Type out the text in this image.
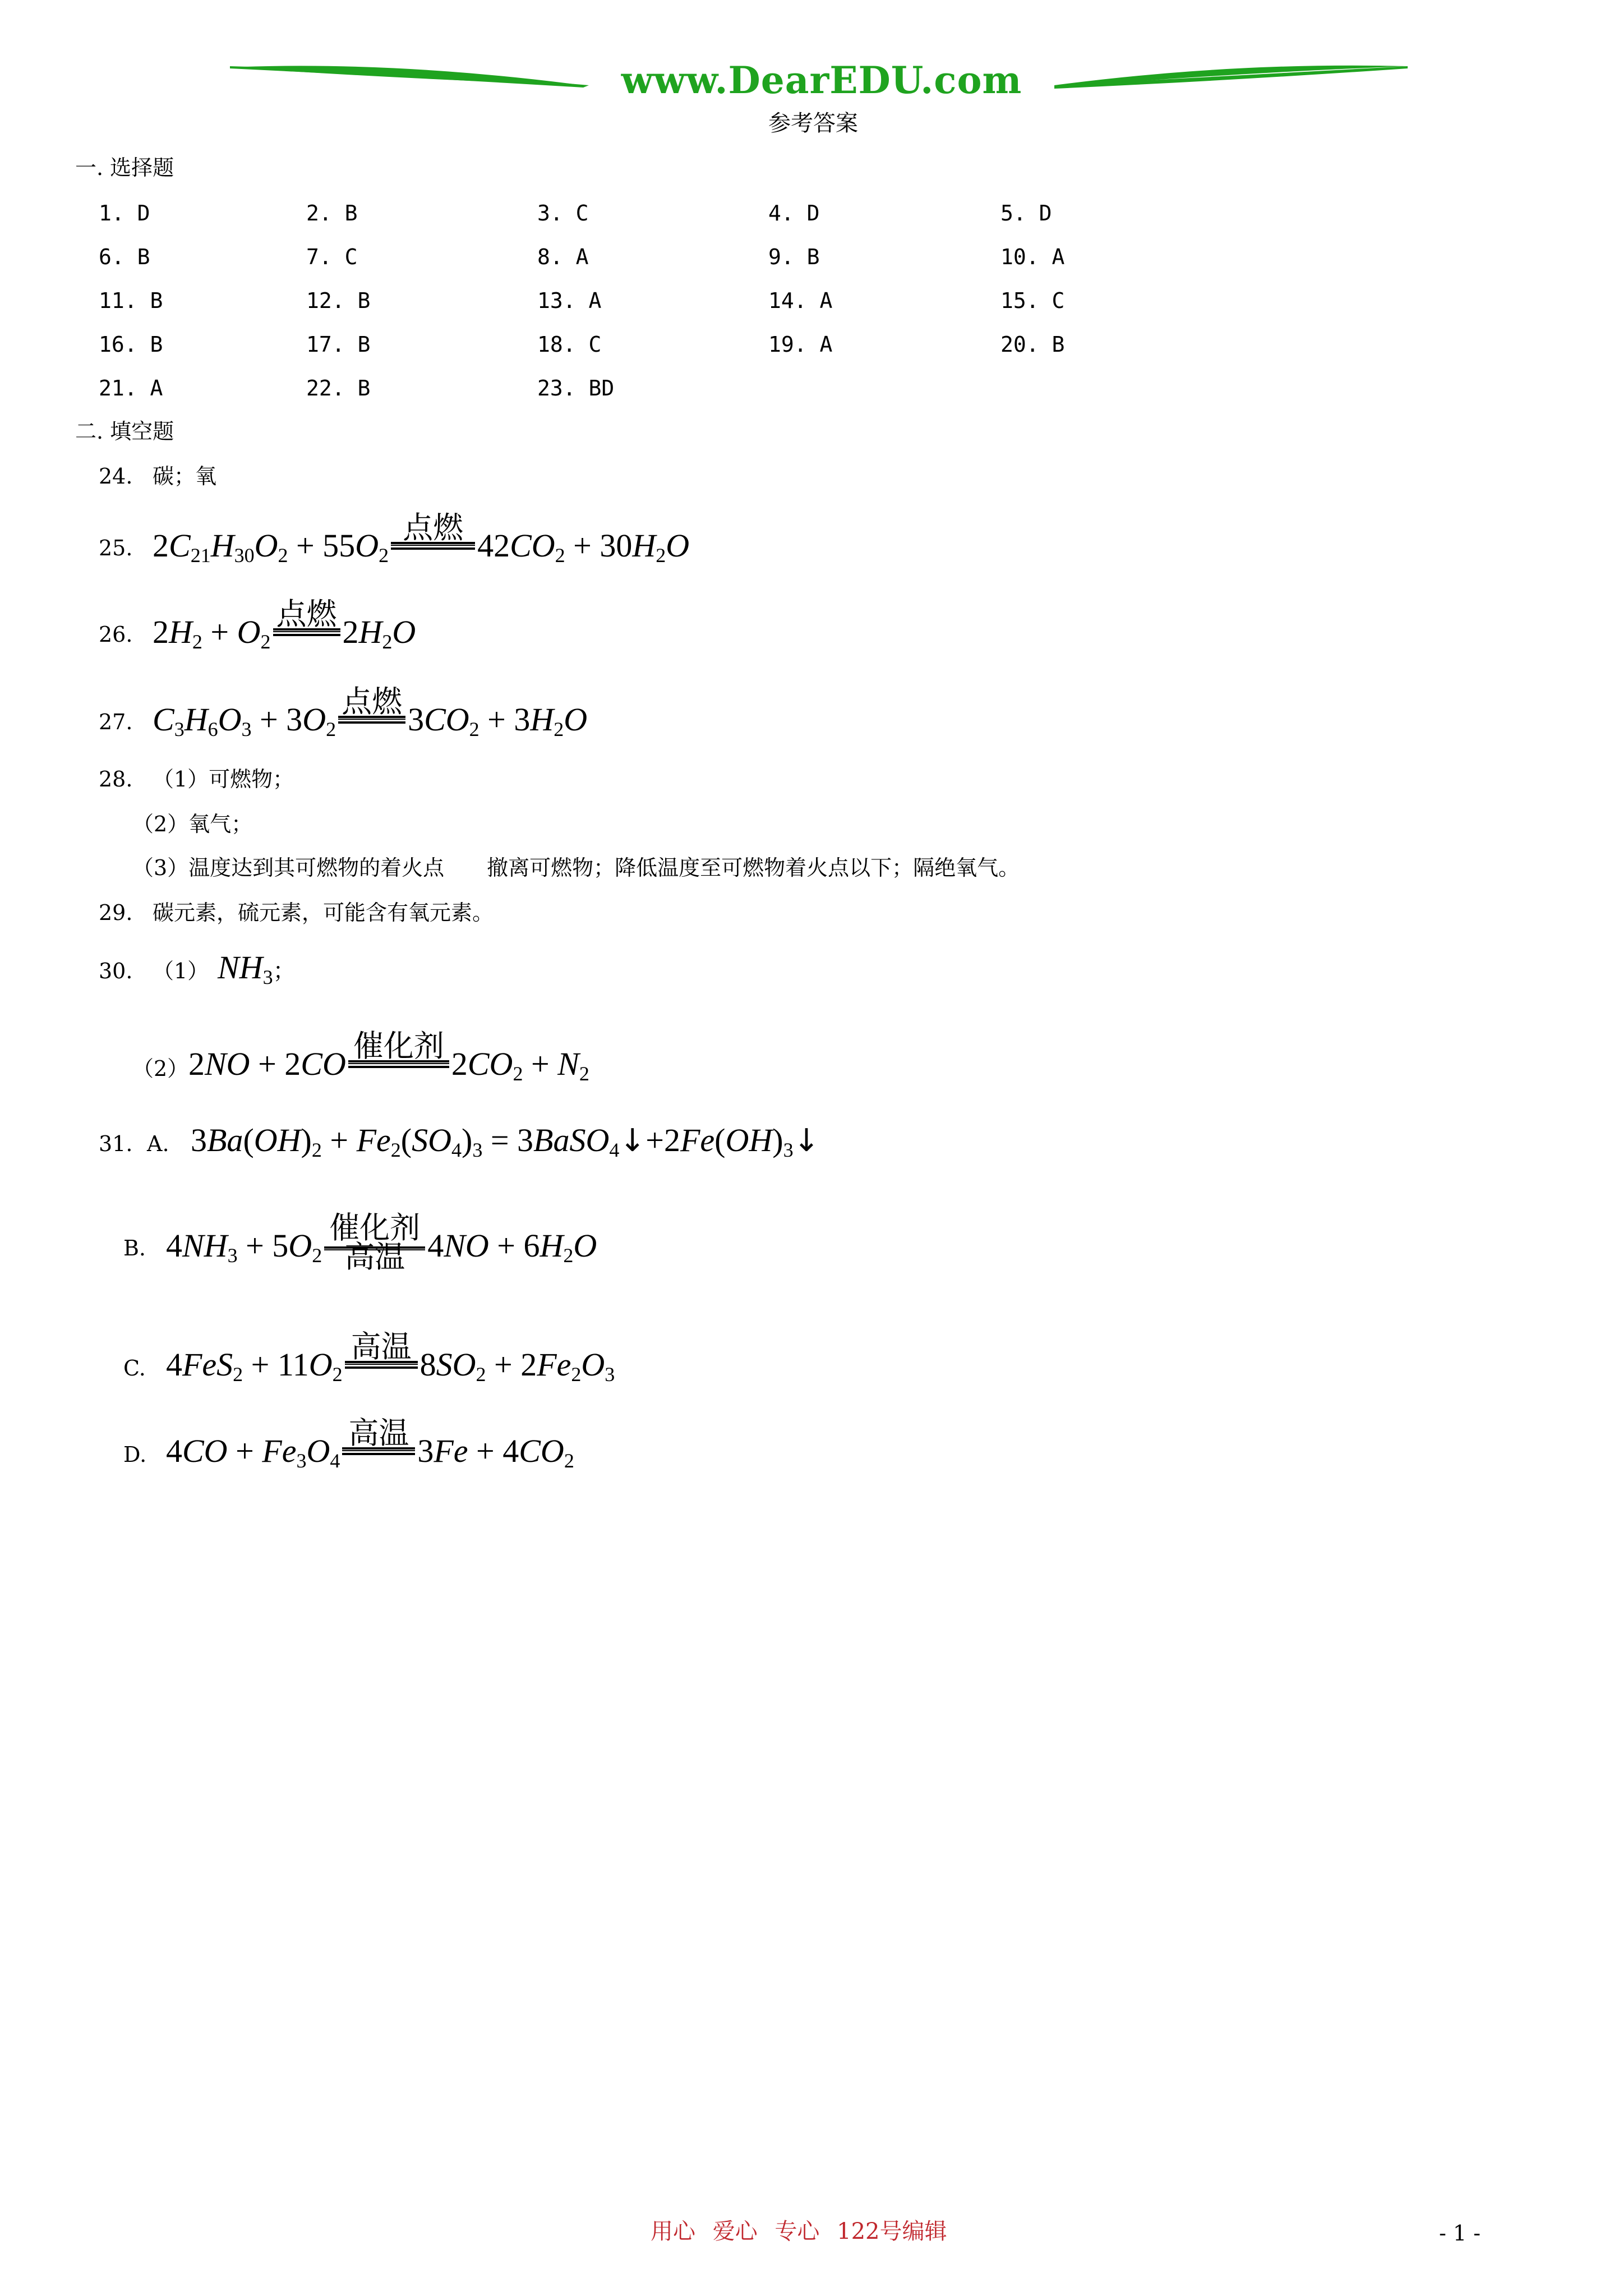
www.DearEDU.com
参考答案
一. 选择题
1. D	2. B	3. C	4. D	5. D
6. B	7. C	8. A	9. B	10. A
11. B	12. B	13. A	14. A	15. C
16. B	17. B	18. C	19. A	20. B
21. A	22. B	23. BD
二. 填空题
24. 碳；氧
25. $2C_{21}H_{30}O_2 + 55O_2$
点燃 $42CO_2 + 30H_2O$
26. $2H_2 + O_2$
点燃 $2H_2O$
27. $C_3H_6O_3 + 3O_2$
点燃 $3CO_2 + 3H_2O$
28. （1）可燃物；
（2）氧气；
（3）温度达到其可燃物的着火点　　撤离可燃物；降低温度至可燃物着火点以下；隔绝氧气。
29. 碳元素，硫元素，可能含有氧元素。
30. （1） $NH_3$；
（2） 2NO + 2CO 催化剂 $2CO_2 + N_2$
31. A. $3Ba(OH)_2 + Fe_2(SO_4)_3$ = $3BaSO_4↓+2Fe(OH)_3↓$
B. $4NH_3 + 5O_2$
催化剂
高温 $4NO + 6H_2O$
C. $4FeS_2 + 11O_2$
高温 $8SO_2 + 2Fe_2O_3$
D. $4CO + Fe_3O_4$
高温 $3Fe + 4CO_2$
用心 爱心 专心 122号编辑	- 1 -
